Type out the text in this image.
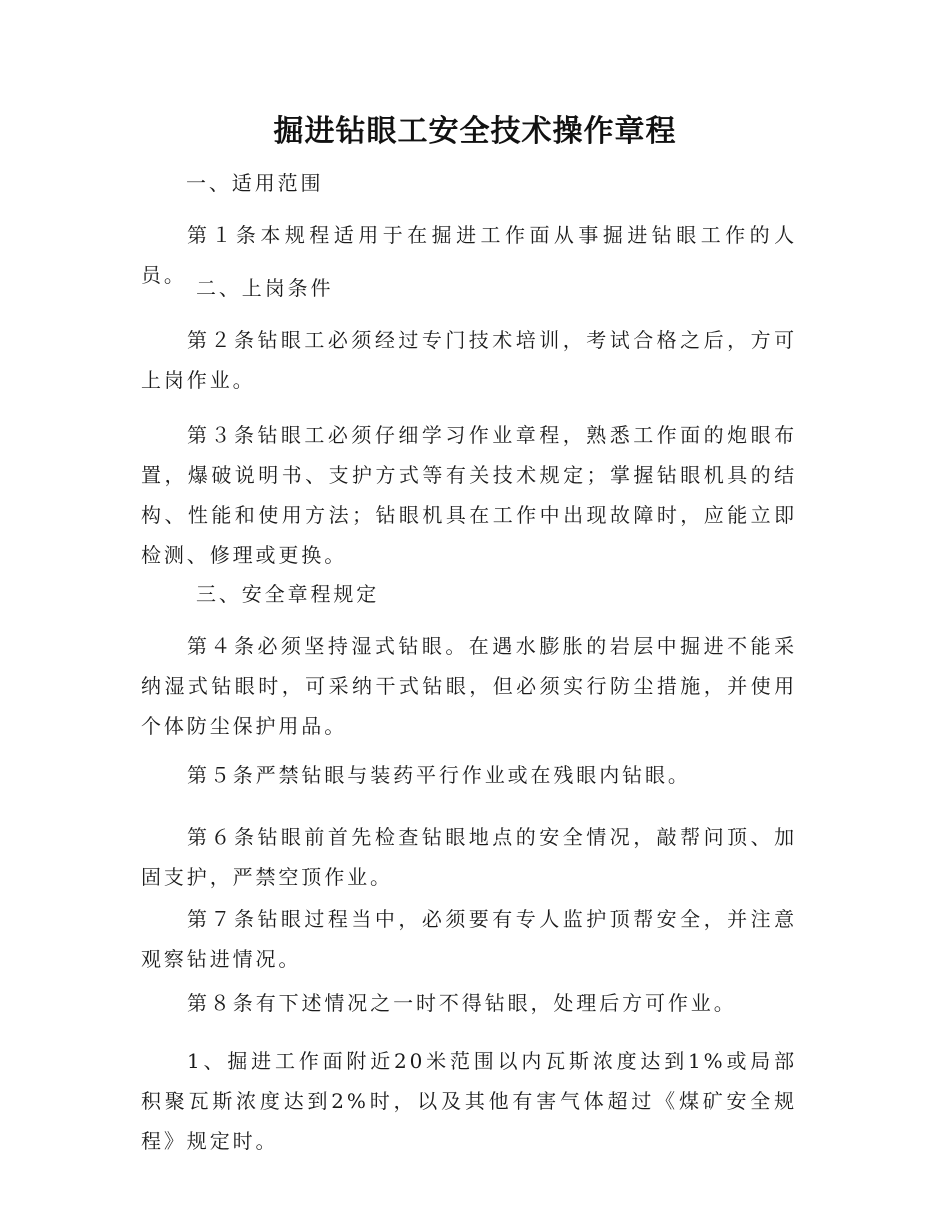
掘进钻眼工安全技术操作章程

一、适用范围

第１条本规程适用于在掘进工作面从事掘进钻眼工作的人员。

二、上岗条件

第２条钻眼工必须经过专门技术培训，考试合格之后，方可上岗作业。

第３条钻眼工必须仔细学习作业章程，熟悉工作面的炮眼布置，爆破说明书、支护方式等有关技术规定；掌握钻眼机具的结构、性能和使用方法；钻眼机具在工作中出现故障时，应能立即检测、修理或更换。

三、安全章程规定

第４条必须坚持湿式钻眼。在遇水膨胀的岩层中掘进不能采纳湿式钻眼时，可采纳干式钻眼，但必须实行防尘措施，并使用个体防尘保护用品。

第５条严禁钻眼与装药平行作业或在残眼内钻眼。

第６条钻眼前首先检查钻眼地点的安全情况，敲帮问顶、加固支护，严禁空顶作业。

第７条钻眼过程当中，必须要有专人监护顶帮安全，并注意观察钻进情况。

第８条有下述情况之一时不得钻眼，处理后方可作业。

1、掘进工作面附近20米范围以内瓦斯浓度达到1%或局部积聚瓦斯浓度达到2%时，以及其他有害气体超过《煤矿安全规程》规定时。
